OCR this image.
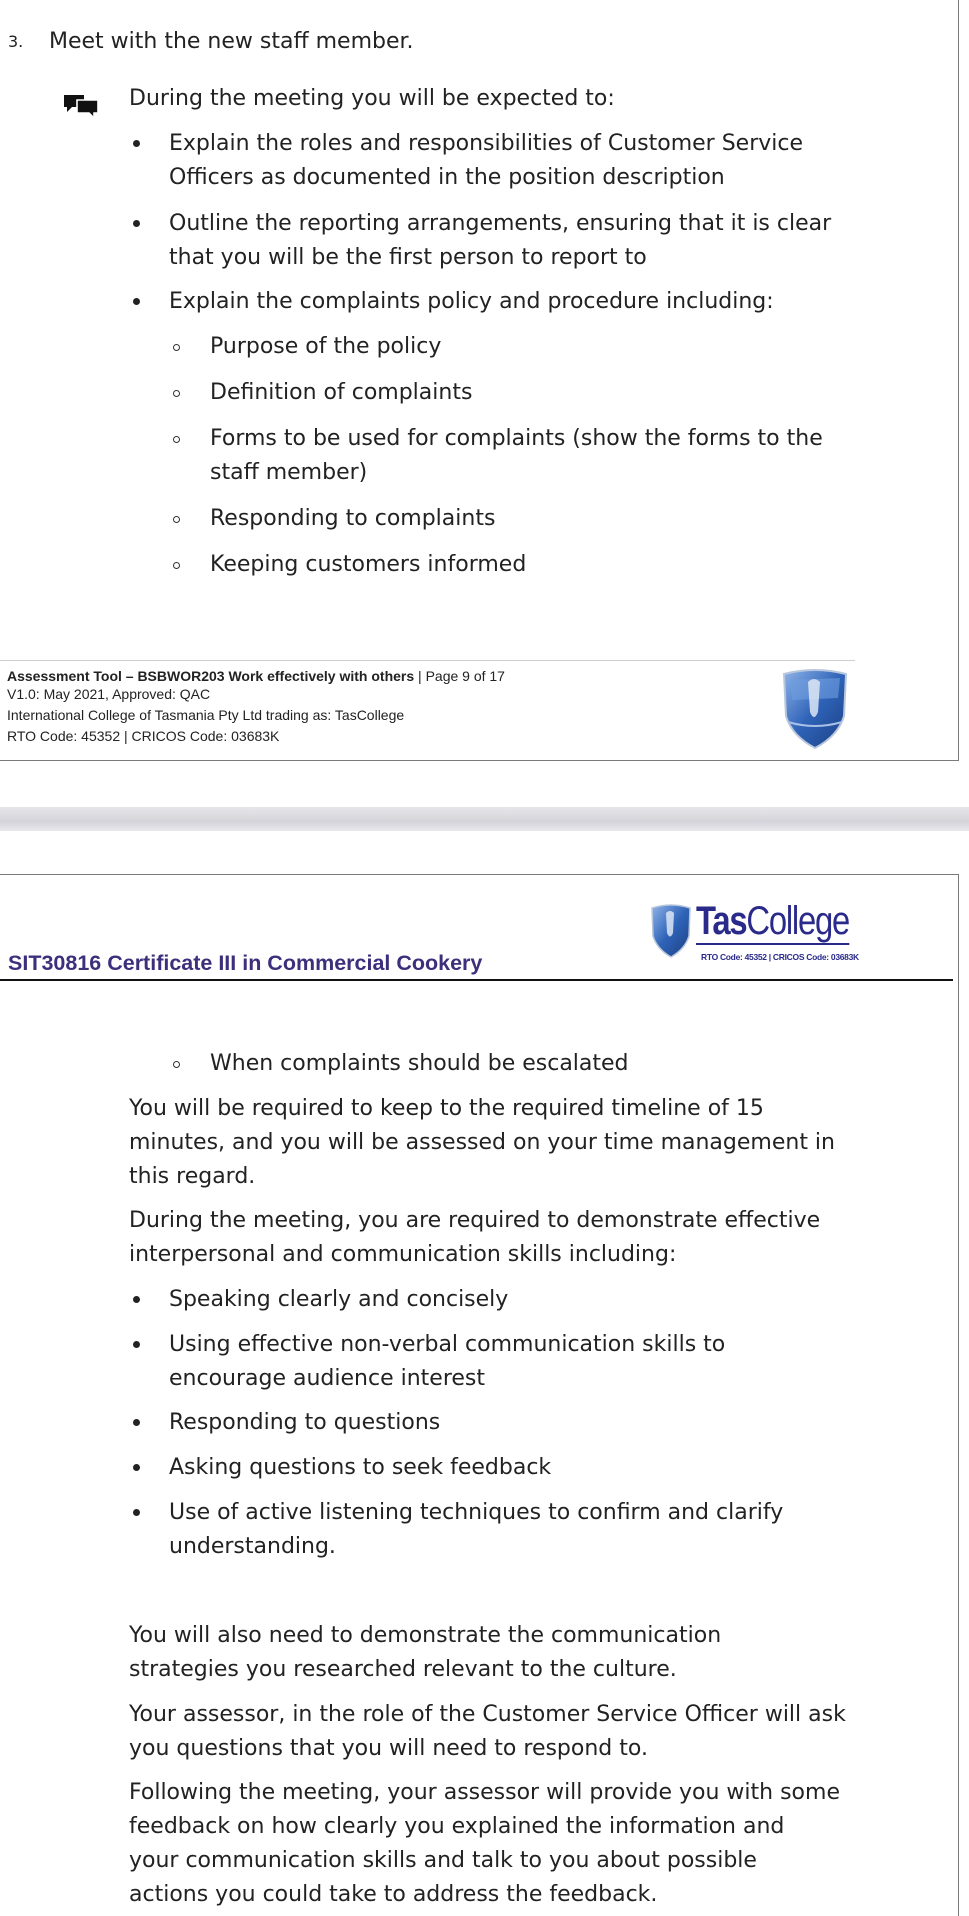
3. Meet with the new staff member.
During the meeting you will be expected to:
Explain the roles and responsibilities of Customer Service
Officers as documented in the position description
Outline the reporting arrangements, ensuring that it is clear
that you will be the first person to report to
Explain the complaints policy and procedure including:
Purpose of the policy
Definition of complaints
Forms to be used for complaints (show the forms to the
staff member)
Responding to complaints
Keeping customers informed
Assessment Tool – BSBWOR203 Work effectively with others | Page 9 of 17
V1.0: May 2021, Approved: QAC
International College of Tasmania Pty Ltd trading as: TasCollege
RTO Code: 45352 | CRICOS Code: 03683K
TasCollege
RTO Code: 45352 | CRICOS Code: 03683K
SIT30816 Certificate III in Commercial Cookery
When complaints should be escalated
You will be required to keep to the required timeline of 15
minutes, and you will be assessed on your time management in
this regard.
During the meeting, you are required to demonstrate effective
interpersonal and communication skills including:
Speaking clearly and concisely
Using effective non-verbal communication skills to
encourage audience interest
Responding to questions
Asking questions to seek feedback
Use of active listening techniques to confirm and clarify
understanding.
You will also need to demonstrate the communication
strategies you researched relevant to the culture.
Your assessor, in the role of the Customer Service Officer will ask
you questions that you will need to respond to.
Following the meeting, your assessor will provide you with some
feedback on how clearly you explained the information and
your communication skills and talk to you about possible
actions you could take to address the feedback.
